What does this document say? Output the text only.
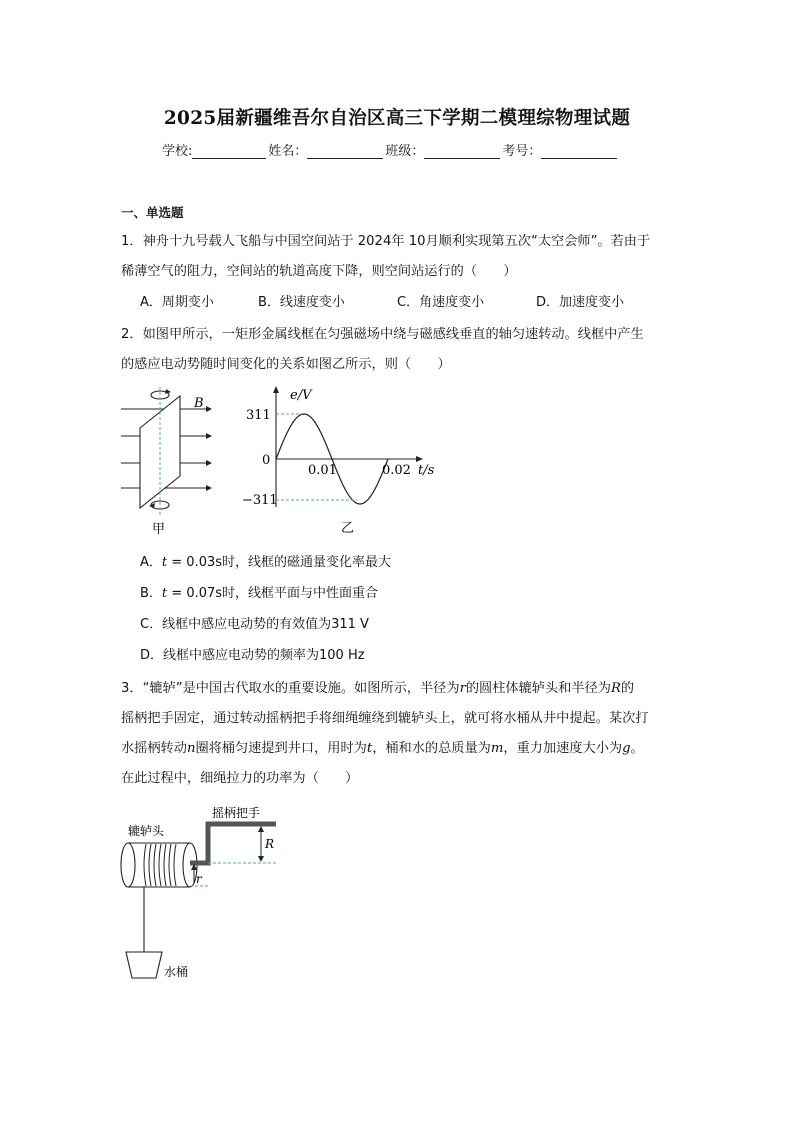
2025届新疆维吾尔自治区高三下学期二模理综物理试题
学校:	姓名：	班级：	考号：
一、单选题
1．神舟十九号载人飞船与中国空间站于 2024年 10月顺利实现第五次“太空会师”。若由于
稀薄空气的阻力，空间站的轨道高度下降，则空间站运行的（　　）
A．周期变小	B．线速度变小	C．角速度变小	D．加速度变小
2．如图甲所示，一矩形金属线框在匀强磁场中绕与磁感线垂直的轴匀速转动。线框中产生
的感应电动势随时间变化的关系如图乙所示，则（　　）
B
甲
e/V
311
0
−311
0.01	0.02 t/s
乙
A．t = 0.03s时，线框的磁通量变化率最大
B．t = 0.07s时，线框平面与中性面重合
C．线框中感应电动势的有效值为311 V
D．线框中感应电动势的频率为100 Hz
3．“辘轳”是中国古代取水的重要设施。如图所示，半径为r的圆柱体辘轳头和半径为R的
摇柄把手固定，通过转动摇柄把手将细绳缠绕到辘轳头上，就可将水桶从井中提起。某次打
水摇柄转动n圈将桶匀速提到井口，用时为t，桶和水的总质量为m，重力加速度大小为g。
在此过程中，细绳拉力的功率为（　　）
R
r
摇柄把手
辘轳头
水桶
